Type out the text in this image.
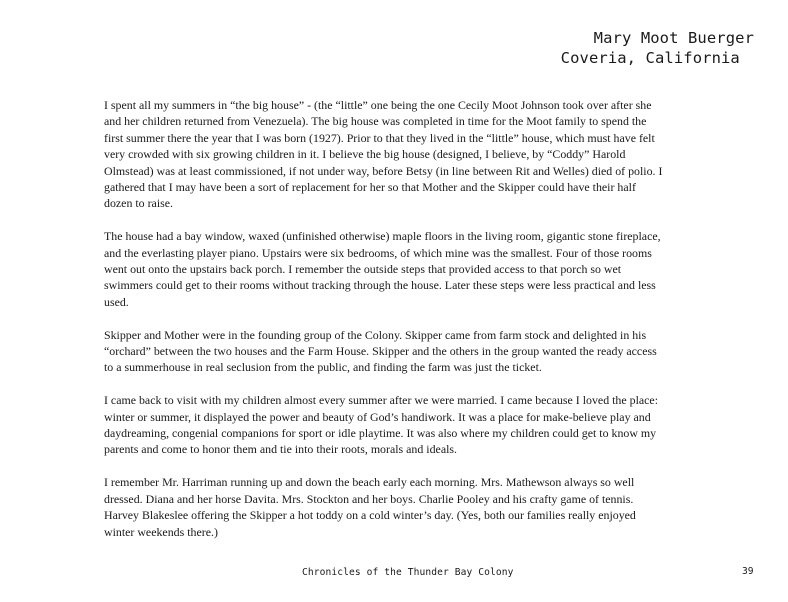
Mary Moot Buerger
Coveria, California

I spent all my summers in “the big house” - (the “little” one being the one Cecily Moot Johnson took over after she and her children returned from Venezuela). The big house was completed in time for the Moot family to spend the first summer there the year that I was born (1927). Prior to that they lived in the “little” house, which must have felt very crowded with six growing children in it. I believe the big house (designed, I believe, by “Coddy” Harold Olmstead) was at least commissioned, if not under way, before Betsy (in line between Rit and Welles) died of polio. I gathered that I may have been a sort of replacement for her so that Mother and the Skipper could have their half dozen to raise.

The house had a bay window, waxed (unfinished otherwise) maple floors in the living room, gigantic stone fireplace, and the everlasting player piano. Upstairs were six bedrooms, of which mine was the smallest. Four of those rooms went out onto the upstairs back porch. I remember the outside steps that provided access to that porch so wet swimmers could get to their rooms without tracking through the house. Later these steps were less practical and less used.

Skipper and Mother were in the founding group of the Colony. Skipper came from farm stock and delighted in his “orchard” between the two houses and the Farm House. Skipper and the others in the group wanted the ready access to a summerhouse in real seclusion from the public, and finding the farm was just the ticket.

I came back to visit with my children almost every summer after we were married. I came because I loved the place: winter or summer, it displayed the power and beauty of God’s handiwork. It was a place for make-believe play and daydreaming, congenial companions for sport or idle playtime. It was also where my children could get to know my parents and come to honor them and tie into their roots, morals and ideals.

I remember Mr. Harriman running up and down the beach early each morning. Mrs. Mathewson always so well dressed. Diana and her horse Davita. Mrs. Stockton and her boys. Charlie Pooley and his crafty game of tennis. Harvey Blakeslee offering the Skipper a hot toddy on a cold winter’s day. (Yes, both our families really enjoyed winter weekends there.)

Chronicles of the Thunder Bay Colony	39
